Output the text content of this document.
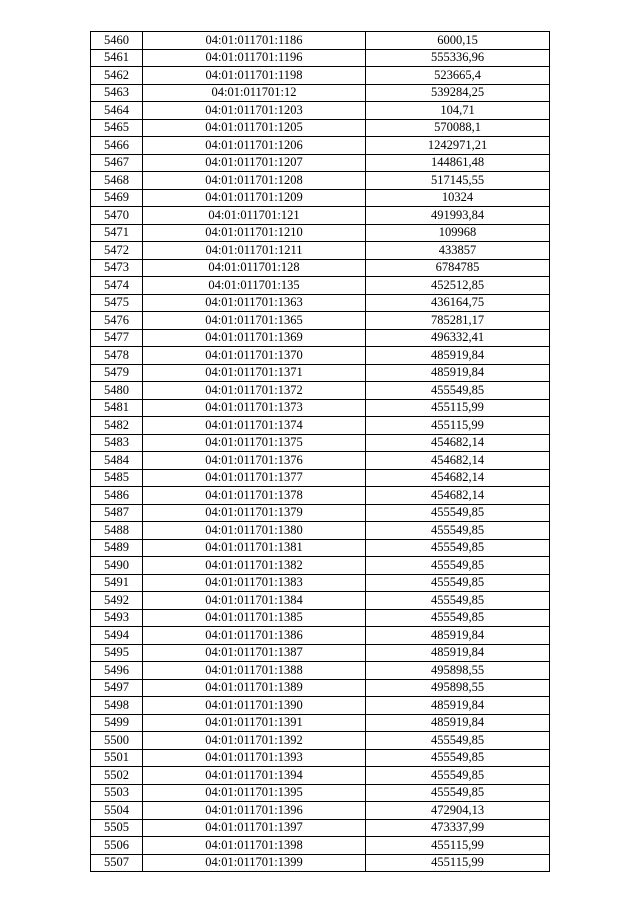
5460	04:01:011701:1186	6000,15
5461	04:01:011701:1196	555336,96
5462	04:01:011701:1198	523665,4
5463	04:01:011701:12	539284,25
5464	04:01:011701:1203	104,71
5465	04:01:011701:1205	570088,1
5466	04:01:011701:1206	1242971,21
5467	04:01:011701:1207	144861,48
5468	04:01:011701:1208	517145,55
5469	04:01:011701:1209	10324
5470	04:01:011701:121	491993,84
5471	04:01:011701:1210	109968
5472	04:01:011701:1211	433857
5473	04:01:011701:128	6784785
5474	04:01:011701:135	452512,85
5475	04:01:011701:1363	436164,75
5476	04:01:011701:1365	785281,17
5477	04:01:011701:1369	496332,41
5478	04:01:011701:1370	485919,84
5479	04:01:011701:1371	485919,84
5480	04:01:011701:1372	455549,85
5481	04:01:011701:1373	455115,99
5482	04:01:011701:1374	455115,99
5483	04:01:011701:1375	454682,14
5484	04:01:011701:1376	454682,14
5485	04:01:011701:1377	454682,14
5486	04:01:011701:1378	454682,14
5487	04:01:011701:1379	455549,85
5488	04:01:011701:1380	455549,85
5489	04:01:011701:1381	455549,85
5490	04:01:011701:1382	455549,85
5491	04:01:011701:1383	455549,85
5492	04:01:011701:1384	455549,85
5493	04:01:011701:1385	455549,85
5494	04:01:011701:1386	485919,84
5495	04:01:011701:1387	485919,84
5496	04:01:011701:1388	495898,55
5497	04:01:011701:1389	495898,55
5498	04:01:011701:1390	485919,84
5499	04:01:011701:1391	485919,84
5500	04:01:011701:1392	455549,85
5501	04:01:011701:1393	455549,85
5502	04:01:011701:1394	455549,85
5503	04:01:011701:1395	455549,85
5504	04:01:011701:1396	472904,13
5505	04:01:011701:1397	473337,99
5506	04:01:011701:1398	455115,99
5507	04:01:011701:1399	455115,99
